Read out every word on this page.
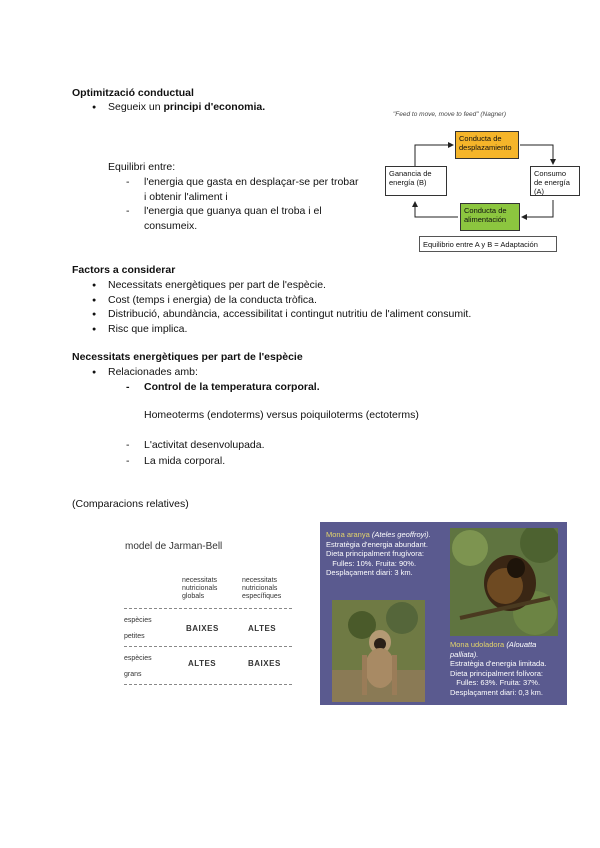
Optimització conductual
● Segueix un principi d'economia.
Equilibri entre:
- l'energia que gasta en desplaçar-se per trobar
i obtenir l'aliment i
- l'energia que guanya quan el troba i el
consumeix.
"Feed to move, move to feed" (Nagner)
Conducta de desplazamiento
Ganancia de energía (B)
Consumo de energía (A)
Conducta de alimentación
Equilibrio entre A y B = Adaptación
Factors a considerar
● Necessitats energètiques per part de l'espècie.
● Cost (temps i energia) de la conducta tròfica.
● Distribució, abundància, accessibilitat i contingut nutritiu de l'aliment consumit.
● Risc que implica.
Necessitats energètiques per part de l'espècie
● Relacionades amb:
- Control de la temperatura corporal.
Homeoterms (endoterms) versus poiquiloterms (ectoterms)
- L'activitat desenvolupada.
- La mida corporal.
(Comparacions relatives)
model de Jarman-Bell
necessitats
nutricionals
globals
necessitats
nutricionals
específiques
espècies
petites
BAIXES	ALTES
espècies
grans
ALTES	BAIXES
Mona aranya (Ateles geoffroyi).
Estratègia d'energia abundant.
Dieta principalment frugívora:
Fulles: 10%. Fruita: 90%.
Desplaçament diari: 3 km.
Mona udoladora (Alouatta palliata).
Estratègia d'energia limitada.
Dieta principalment folívora:
Fulles: 63%. Fruita: 37%.
Desplaçament diari: 0,3 km.
